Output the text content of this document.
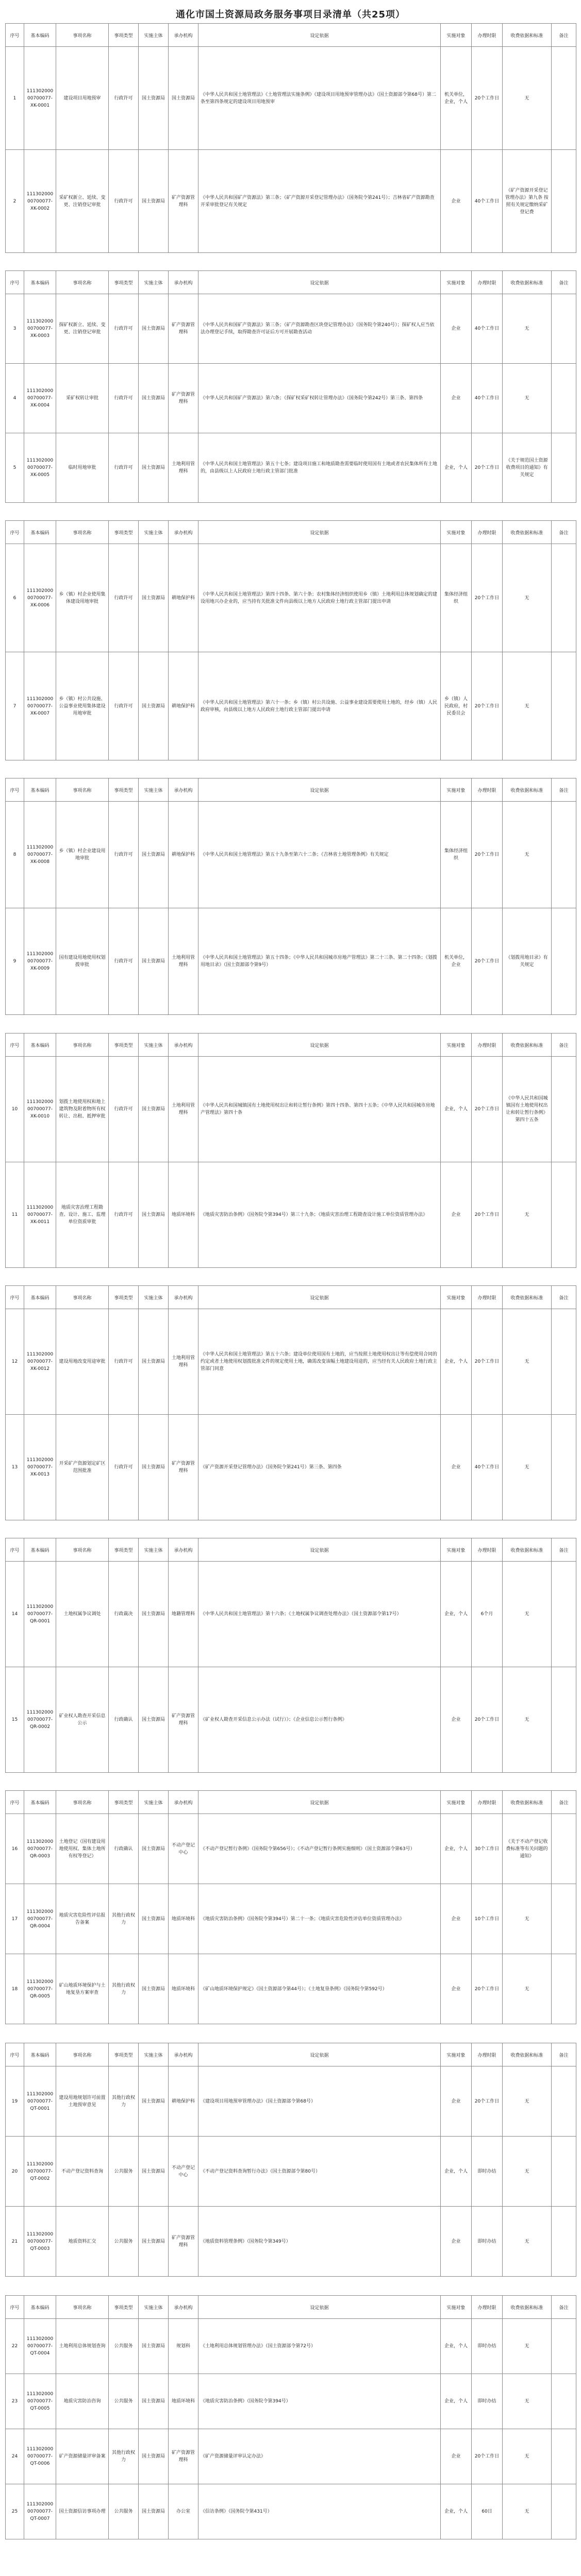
通化市国土资源局政务服务事项目录清单（共25项）
序号	基本编码	事项名称	事项类型	实施主体	承办机构	设定依据	实施对象	办理时限	收费依据和标准	备注
1	11130200000700077-XK-0001	建设项目用地预审	行政许可	国土资源局	国土资源局	《中华人民共和国土地管理法》《土地管理法实施条例》《建设项目用地预审管理办法》（国土资源部令第68号）第二条至第四条规定的建设项目用地预审	机关单位，企业，个人	20个工作日	无	
2	11130200000700077-XK-0002	采矿权新立、延续、变更、注销登记审批	行政许可	国土资源局	矿产资源管理科	《中华人民共和国矿产资源法》第三条；《矿产资源开采登记管理办法》（国务院令第241号）；吉林省矿产资源勘查开采审批登记有关规定	企业	40个工作日	《矿产资源开采登记管理办法》第九条 按照有关规定缴纳采矿登记费	
序号	基本编码	事项名称	事项类型	实施主体	承办机构	设定依据	实施对象	办理时限	收费依据和标准	备注
3	11130200000700077-XK-0003	探矿权新立、延续、变更、注销登记审批	行政许可	国土资源局	矿产资源管理科	《中华人民共和国矿产资源法》第三条；《矿产资源勘查区块登记管理办法》（国务院令第240号）；探矿权人应当依法办理登记手续，取得勘查许可证后方可开展勘查活动	企业	40个工作日	无	
4	11130200000700077-XK-0004	采矿权转让审批	行政许可	国土资源局	矿产资源管理科	《中华人民共和国矿产资源法》第六条；《探矿权采矿权转让管理办法》（国务院令第242号）第三条、第四条	企业	40个工作日	无	
5	11130200000700077-XK-0005	临时用地审批	行政许可	国土资源局	土地利用管理科	《中华人民共和国土地管理法》第五十七条；建设项目施工和地质勘查需要临时使用国有土地或者农民集体所有土地的，由县级以上人民政府土地行政主管部门批准	企业，个人	20个工作日	《关于规范国土资源收费项目的通知》有关规定	
序号	基本编码	事项名称	事项类型	实施主体	承办机构	设定依据	实施对象	办理时限	收费依据和标准	备注
6	11130200000700077-XK-0006	乡（镇）村企业使用集体建设用地审批	行政许可	国土资源局	耕地保护科	《中华人民共和国土地管理法》第四十四条、第六十条；农村集体经济组织使用乡（镇）土地利用总体规划确定的建设用地兴办企业的，应当持有关批准文件向县级以上地方人民政府土地行政主管部门提出申请	集体经济组织	20个工作日	无	
7	11130200000700077-XK-0007	乡（镇）村公共设施、公益事业使用集体建设用地审批	行政许可	国土资源局	耕地保护科	《中华人民共和国土地管理法》第六十一条；乡（镇）村公共设施、公益事业建设需要使用土地的，经乡（镇）人民政府审核，向县级以上地方人民政府土地行政主管部门提出申请	乡（镇）人民政府，村民委员会	20个工作日	无	
序号	基本编码	事项名称	事项类型	实施主体	承办机构	设定依据	实施对象	办理时限	收费依据和标准	备注
8	11130200000700077-XK-0008	乡（镇）村企业建设用地审批	行政许可	国土资源局	耕地保护科	《中华人民共和国土地管理法》第五十九条至第六十二条；《吉林省土地管理条例》有关规定	集体经济组织	20个工作日	无	
9	11130200000700077-XK-0009	国有建设用地使用权划拨审批	行政许可	国土资源局	土地利用管理科	《中华人民共和国土地管理法》第五十四条；《中华人民共和国城市房地产管理法》第二十三条、第二十四条；《划拨用地目录》（国土资源部令第9号）	机关单位，企业	20个工作日	《划拨用地目录》有关规定	
序号	基本编码	事项名称	事项类型	实施主体	承办机构	设定依据	实施对象	办理时限	收费依据和标准	备注
10	11130200000700077-XK-0010	划拨土地使用权和地上建筑物及附着物所有权转让、出租、抵押审批	行政许可	国土资源局	土地利用管理科	《中华人民共和国城镇国有土地使用权出让和转让暂行条例》第四十四条、第四十五条；《中华人民共和国城市房地产管理法》第四十条	企业，个人	20个工作日	《中华人民共和国城镇国有土地使用权出让和转让暂行条例》第四十五条	
11	11130200000700077-XK-0011	地质灾害治理工程勘查、设计、施工、监理单位资质审批	行政许可	国土资源局	地质环境科	《地质灾害防治条例》（国务院令第394号）第三十九条；《地质灾害治理工程勘查设计施工单位资质管理办法》	企业	20个工作日	无	
序号	基本编码	事项名称	事项类型	实施主体	承办机构	设定依据	实施对象	办理时限	收费依据和标准	备注
12	11130200000700077-XK-0012	建设用地改变用途审批	行政许可	国土资源局	土地利用管理科	《中华人民共和国土地管理法》第五十六条；建设单位使用国有土地的，应当按照土地使用权出让等有偿使用合同的约定或者土地使用权划拨批准文件的规定使用土地，确需改变该幅土地建设用途的，应当经有关人民政府土地行政主管部门同意	企业，个人	20个工作日	无	
13	11130200000700077-XK-0013	开采矿产资源划定矿区范围批准	行政许可	国土资源局	矿产资源管理科	《矿产资源开采登记管理办法》（国务院令第241号）第三条、第四条	企业	40个工作日	无	
序号	基本编码	事项名称	事项类型	实施主体	承办机构	设定依据	实施对象	办理时限	收费依据和标准	备注
14	11130200000700077-QR-0001	土地权属争议调处	行政裁决	国土资源局	地籍管理科	《中华人民共和国土地管理法》第十六条；《土地权属争议调查处理办法》（国土资源部令第17号）	企业，个人	6个月	无	
15	11130200000700077-QR-0002	矿业权人勘查开采信息公示	行政确认	国土资源局	矿产资源管理科	《矿业权人勘查开采信息公示办法（试行）》；《企业信息公示暂行条例》	企业	20个工作日	无	
序号	基本编码	事项名称	事项类型	实施主体	承办机构	设定依据	实施对象	办理时限	收费依据和标准	备注
16	11130200000700077-QR-0003	土地登记（国有建设用地使用权、集体土地所有权等登记）	行政确认	国土资源局	不动产登记中心	《不动产登记暂行条例》（国务院令第656号）；《不动产登记暂行条例实施细则》（国土资源部令第63号）	企业，个人	30个工作日	《关于不动产登记收费标准等有关问题的通知》	
17	11130200000700077-QR-0004	地质灾害危险性评估报告备案	其他行政权力	国土资源局	地质环境科	《地质灾害防治条例》（国务院令第394号）第二十一条；《地质灾害危险性评估单位资质管理办法》	企业	10个工作日	无	
18	11130200000700077-QR-0005	矿山地质环境保护与土地复垦方案审查	其他行政权力	国土资源局	地质环境科	《矿山地质环境保护规定》（国土资源部令第44号）；《土地复垦条例》（国务院令第592号）	企业	20个工作日	无	
序号	基本编码	事项名称	事项类型	实施主体	承办机构	设定依据	实施对象	办理时限	收费依据和标准	备注
19	11130200000700077-QT-0001	建设用地规划许可前置土地预审意见	其他行政权力	国土资源局	耕地保护科	《建设项目用地预审管理办法》（国土资源部令第68号）	企业	20个工作日	无	
20	11130200000700077-QT-0002	不动产登记资料查询	公共服务	国土资源局	不动产登记中心	《不动产登记资料查询暂行办法》（国土资源部令第80号）	企业，个人	即时办结	无	
21	11130200000700077-QT-0003	地质资料汇交	公共服务	国土资源局	矿产资源管理科	《地质资料管理条例》（国务院令第349号）	企业	即时办结	无	
序号	基本编码	事项名称	事项类型	实施主体	承办机构	设定依据	实施对象	办理时限	收费依据和标准	备注
22	11130200000700077-QT-0004	土地利用总体规划查询	公共服务	国土资源局	规划科	《土地利用总体规划管理办法》（国土资源部令第72号）	企业，个人	即时办结	无	
23	11130200000700077-QT-0005	地质灾害防治咨询	公共服务	国土资源局	地质环境科	《地质灾害防治条例》（国务院令第394号）	企业，个人	即时办结	无	
24	11130200000700077-QT-0006	矿产资源储量评审备案	其他行政权力	国土资源局	矿产资源管理科	《矿产资源储量评审认定办法》	企业	20个工作日	无	
25	11130200000700077-QT-0007	国土资源信访事项办理	公共服务	国土资源局	办公室	《信访条例》（国务院令第431号）	企业，个人	60日	无	
